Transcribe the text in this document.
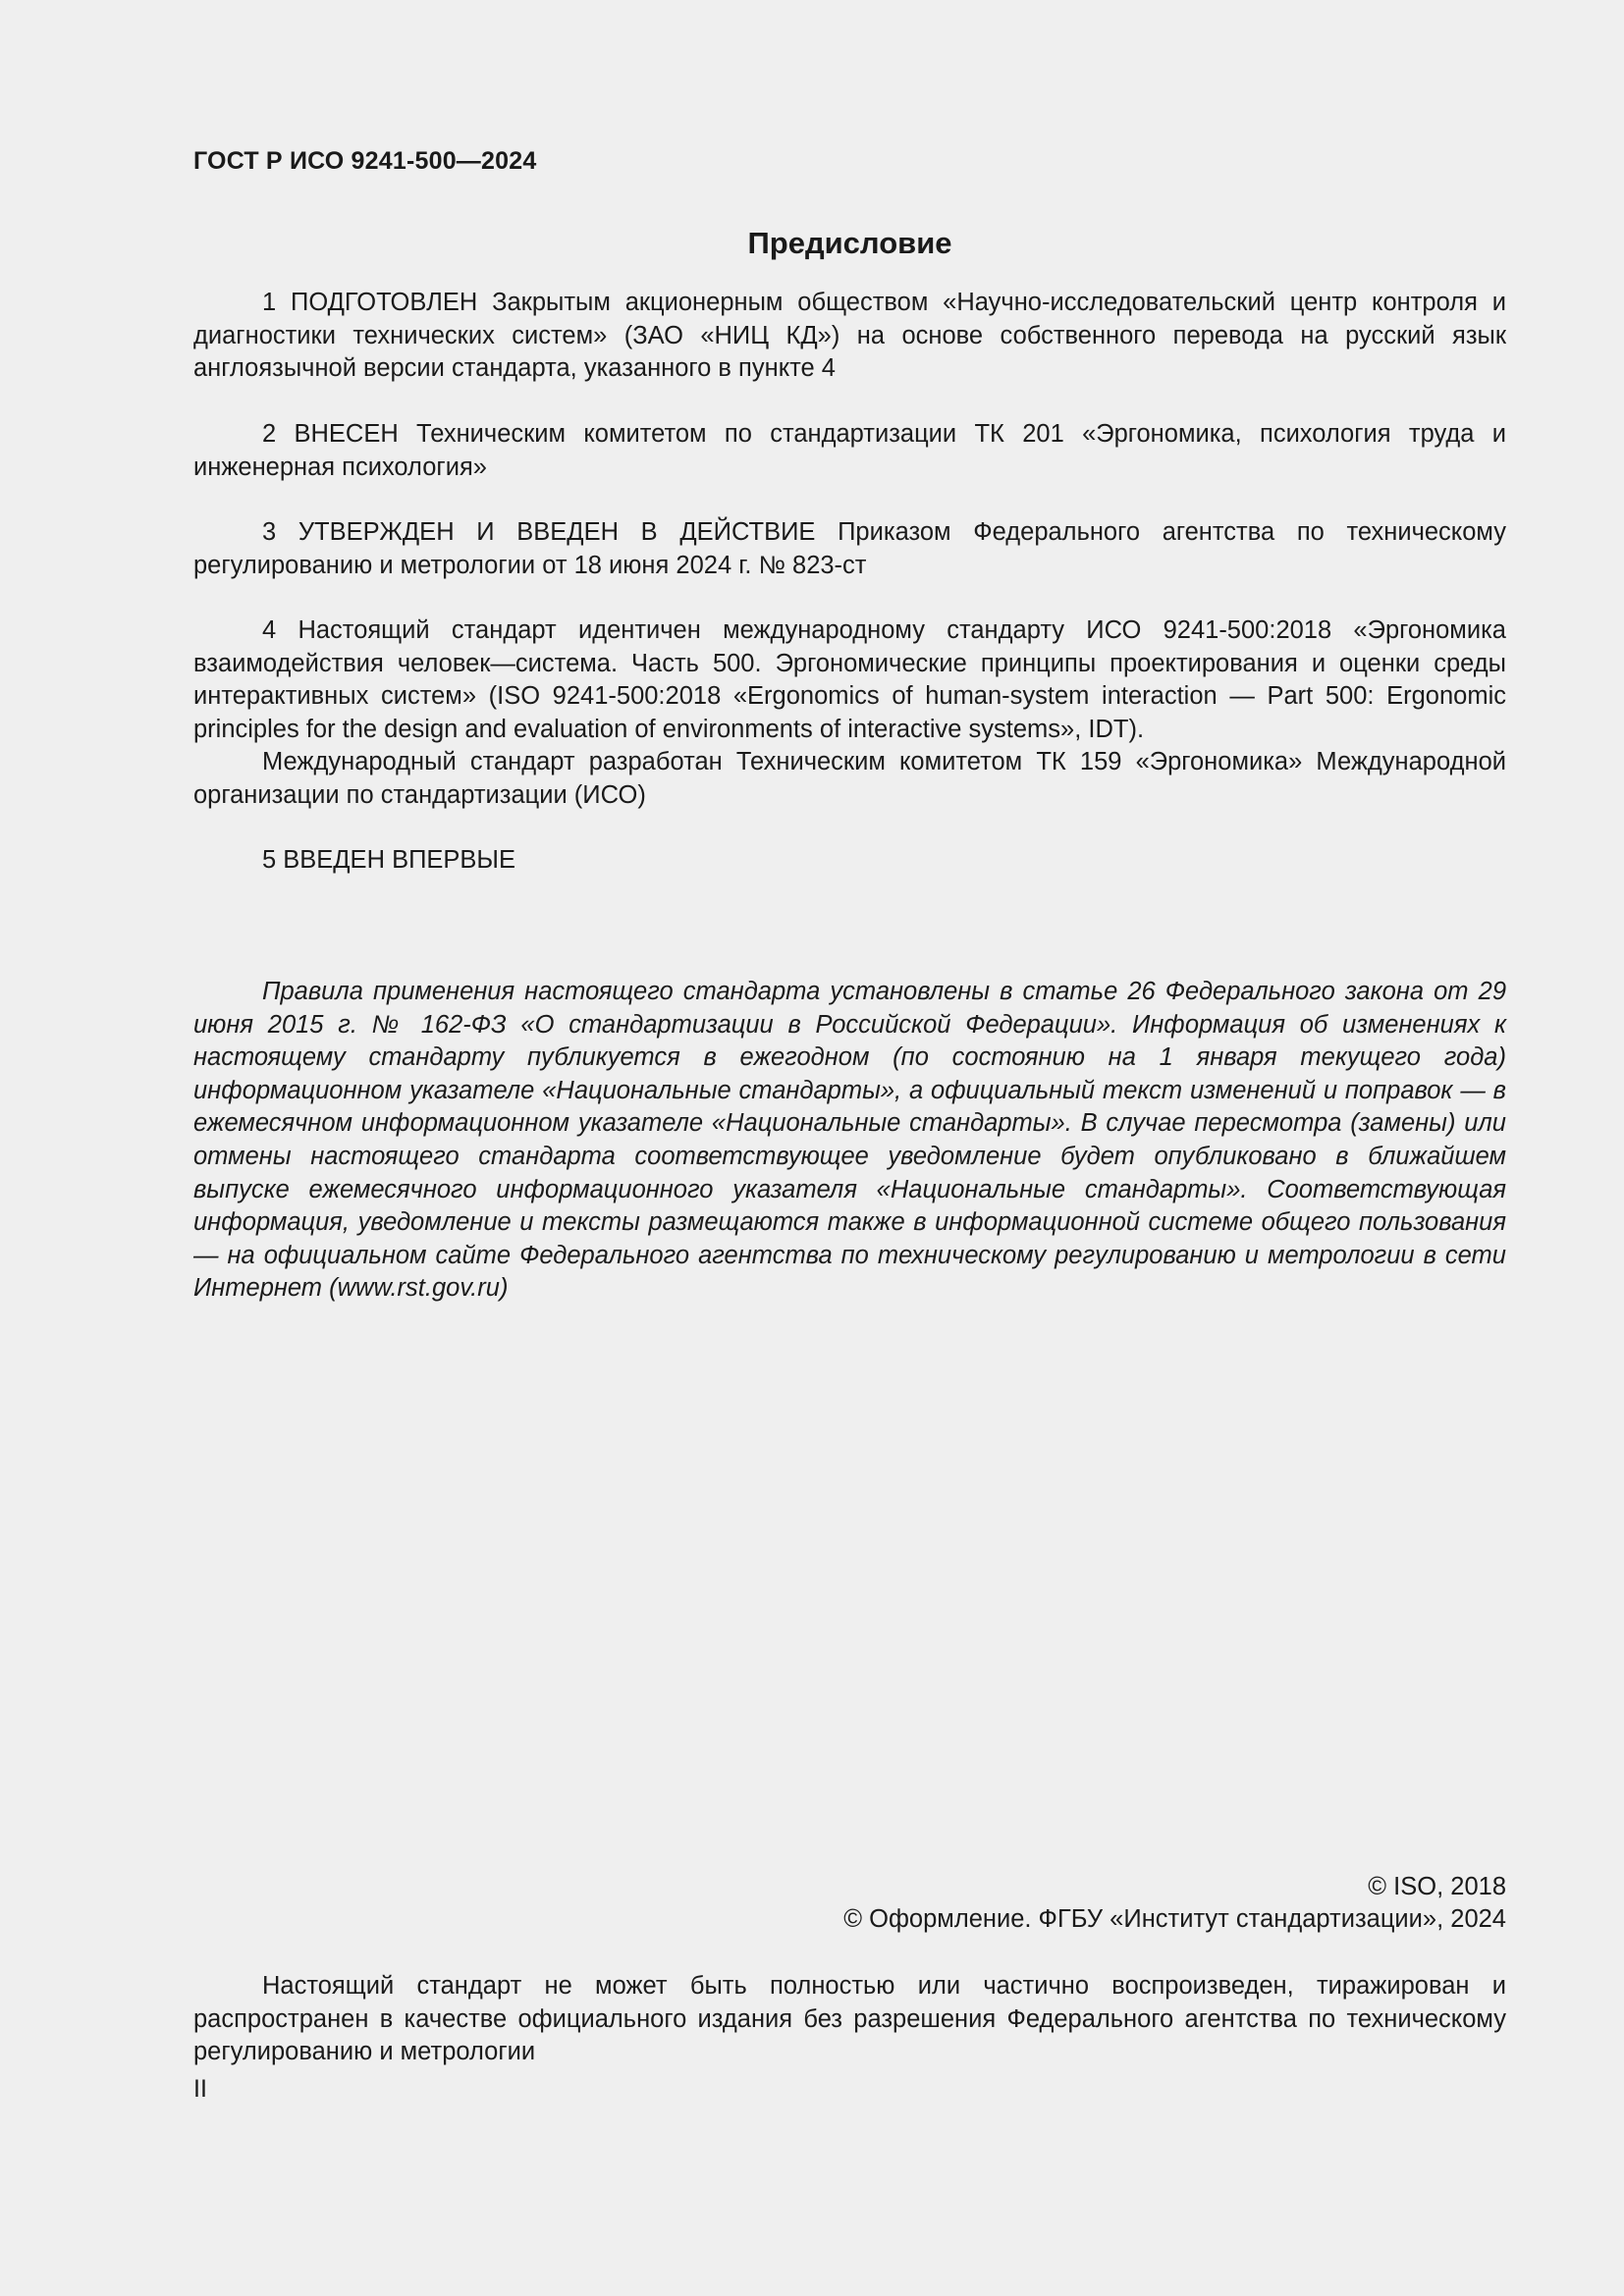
ГОСТ Р ИСО 9241-500—2024
Предисловие

1 ПОДГОТОВЛЕН Закрытым акционерным обществом «Научно-исследовательский центр контроля и диагностики технических систем» (ЗАО «НИЦ КД») на основе собственного перевода на русский язык англоязычной версии стандарта, указанного в пункте 4

2 ВНЕСЕН Техническим комитетом по стандартизации ТК 201 «Эргономика, психология труда и инженерная психология»

3 УТВЕРЖДЕН И ВВЕДЕН В ДЕЙСТВИЕ Приказом Федерального агентства по техническому регулированию и метрологии от 18 июня 2024 г. № 823-ст

4 Настоящий стандарт идентичен международному стандарту ИСО 9241-500:2018 «Эргономика взаимодействия человек—система. Часть 500. Эргономические принципы проектирования и оценки среды интерактивных систем» (ISO 9241-500:2018 «Ergonomics of human-system interaction — Part 500: Ergonomic principles for the design and evaluation of environments of interactive systems», IDT).

Международный стандарт разработан Техническим комитетом ТК 159 «Эргономика» Международной организации по стандартизации (ИСО)

5 ВВЕДЕН ВПЕРВЫЕ

Правила применения настоящего стандарта установлены в статье 26 Федерального закона от 29 июня 2015 г. № 162-ФЗ «О стандартизации в Российской Федерации». Информация об изменениях к настоящему стандарту публикуется в ежегодном (по состоянию на 1 января текущего года) информационном указателе «Национальные стандарты», а официальный текст изменений и поправок — в ежемесячном информационном указателе «Национальные стандарты». В случае пересмотра (замены) или отмены настоящего стандарта соответствующее уведомление будет опубликовано в ближайшем выпуске ежемесячного информационного указателя «Национальные стандарты». Соответствующая информация, уведомление и тексты размещаются также в информационной системе общего пользования — на официальном сайте Федерального агентства по техническому регулированию и метрологии в сети Интернет (www.rst.gov.ru)

© ISO, 2018
© Оформление. ФГБУ «Институт стандартизации», 2024

Настоящий стандарт не может быть полностью или частично воспроизведен, тиражирован и распространен в качестве официального издания без разрешения Федерального агентства по техническому регулированию и метрологии

II
